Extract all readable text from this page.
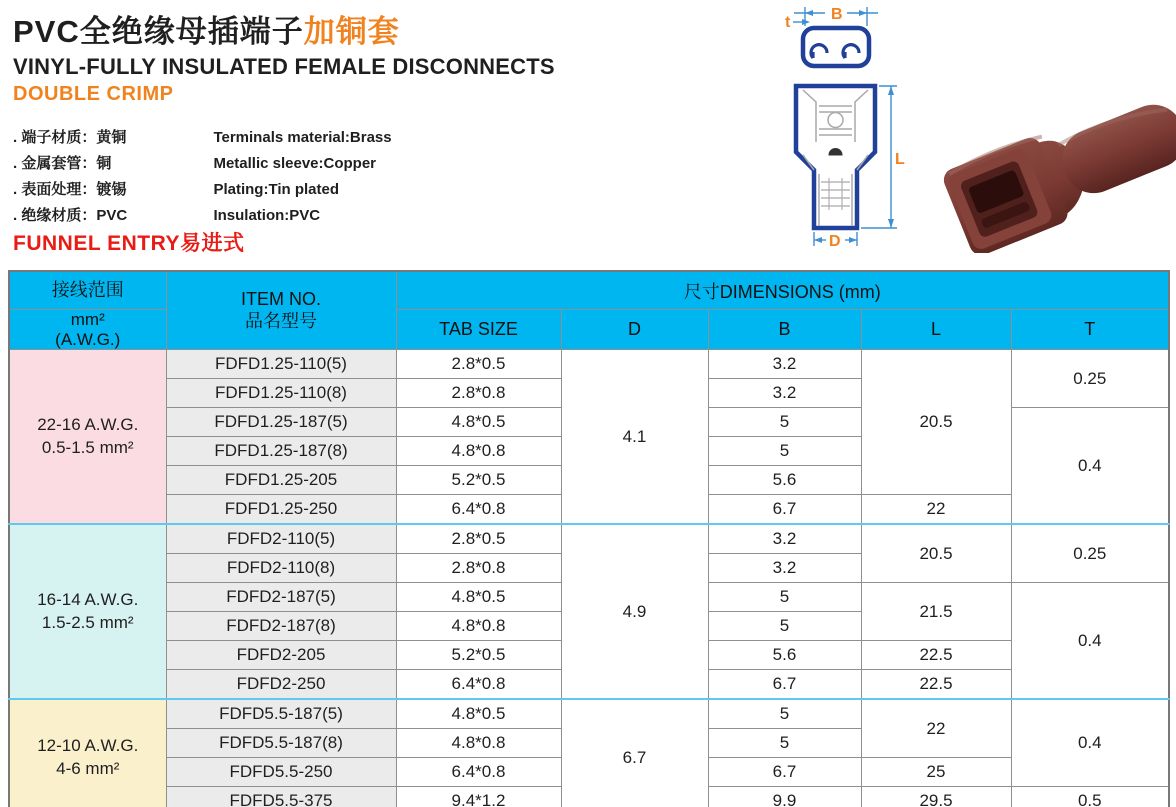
PVC全绝缘母插端子加铜套
VINYL-FULLY INSULATED FEMALE DISCONNECTS
DOUBLE CRIMP
. 端子材质：黄铜	Terminals material:Brass
. 金属套管：铜	Metallic sleeve:Copper
. 表面处理：镀锡	Plating:Tin plated
. 绝缘材质：PVC	Insulation:PVC
FUNNEL ENTRY易进式
B
t
L
D
接线范围	ITEM NO.
品名型号	尺寸DIMENSIONS (mm)				

mm²
(A.W.G.)		TAB SIZE	D	B	L	T

22-16 A.W.G.
0.5-1.5 mm²	FDFD1.25-110(5)	2.8*0.5	4.1	3.2	20.5	0.25
	FDFD1.25-110(8)	2.8*0.8		3.2		
	FDFD1.25-187(5)	4.8*0.5		5		0.4
	FDFD1.25-187(8)	4.8*0.8		5		
	FDFD1.25-205	5.2*0.5		5.6		
	FDFD1.25-250	6.4*0.8		6.7	22	

16-14 A.W.G.
1.5-2.5 mm²	FDFD2-110(5)	2.8*0.5	4.9	3.2	20.5	0.25
	FDFD2-110(8)	2.8*0.8		3.2		
	FDFD2-187(5)	4.8*0.5		5	21.5	0.4
	FDFD2-187(8)	4.8*0.8		5		
	FDFD2-205	5.2*0.5		5.6	22.5	
	FDFD2-250	6.4*0.8		6.7	22.5	

12-10 A.W.G.
4-6 mm²	FDFD5.5-187(5)	4.8*0.5	6.7	5	22	0.4
	FDFD5.5-187(8)	4.8*0.8		5		
	FDFD5.5-250	6.4*0.8		6.7	25	
	FDFD5.5-375	9.4*1.2		9.9	29.5	0.5
